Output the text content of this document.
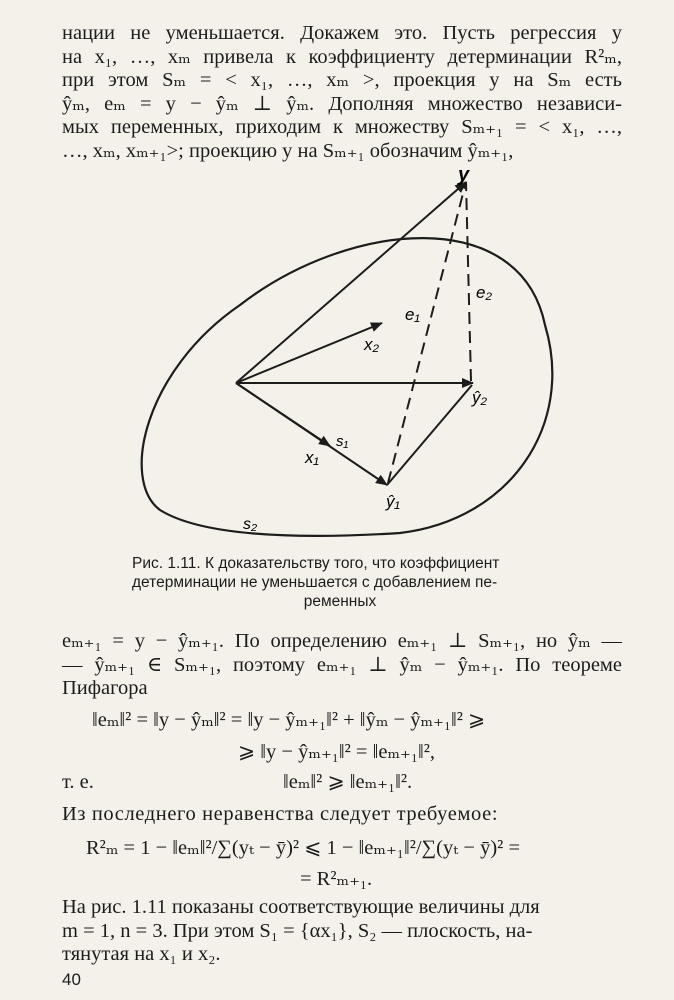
нации не уменьшается. Докажем это. Пусть регрессия y
на x₁, …, xₘ привела к коэффициенту детерминации R²ₘ,
при этом Sₘ = < x₁, …, xₘ >, проекция y на Sₘ есть
ŷₘ, eₘ = y − ŷₘ ⊥ ŷₘ. Дополняя множество независи-
мых переменных, приходим к множеству Sₘ₊₁ = < x₁, …,
…, xₘ, xₘ₊₁>; проекцию y на Sₘ₊₁ обозначим ŷₘ₊₁,
y
e₁
e₂
x₂
ŷ₂
s₁
x₁
ŷ₁
s₂
Рис. 1.11. К доказательству того, что коэффициент
детерминации не уменьшается с добавлением пе-
ременных
eₘ₊₁ = y − ŷₘ₊₁. По определению eₘ₊₁ ⊥ Sₘ₊₁, но ŷₘ —
— ŷₘ₊₁ ∈ Sₘ₊₁, поэтому eₘ₊₁ ⊥ ŷₘ − ŷₘ₊₁. По теореме
Пифагора
‖eₘ‖² = ‖y − ŷₘ‖² = ‖y − ŷₘ₊₁‖² + ‖ŷₘ − ŷₘ₊₁‖² ⩾
⩾ ‖y − ŷₘ₊₁‖² = ‖eₘ₊₁‖²,
т. е.	‖eₘ‖² ⩾ ‖eₘ₊₁‖².
Из последнего неравенства следует требуемое:
R²ₘ = 1 − ‖eₘ‖²/∑(yₜ − ȳ)² ⩽ 1 − ‖eₘ₊₁‖²/∑(yₜ − ȳ)² =
= R²ₘ₊₁.
На рис. 1.11 показаны соответствующие величины для
m = 1, n = 3. При этом S₁ = {αx₁}, S₂ — плоскость, на-
тянутая на x₁ и x₂.
40
